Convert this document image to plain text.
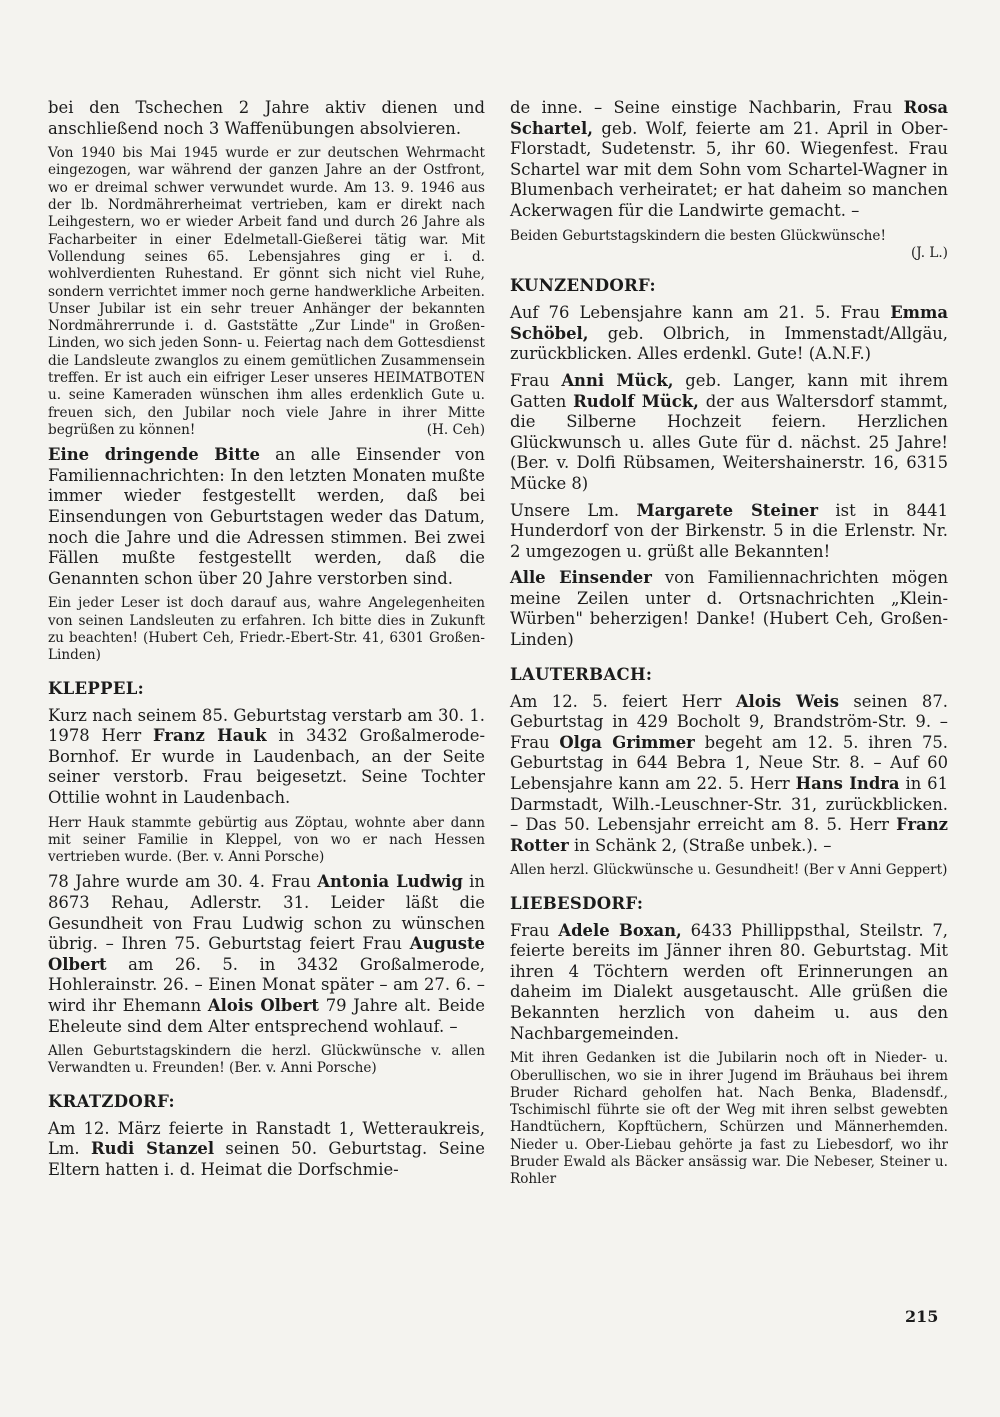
bei den Tschechen 2 Jahre aktiv dienen und anschließend noch 3 Waffenübungen absolvieren.

Von 1940 bis Mai 1945 wurde er zur deutschen Wehrmacht eingezogen, war während der ganzen Jahre an der Ostfront, wo er dreimal schwer verwundet wurde. Am 13. 9. 1946 aus der lb. Nordmährerheimat vertrieben, kam er direkt nach Leihgestern, wo er wieder Arbeit fand und durch 26 Jahre als Facharbeiter in einer Edelmetall-Gießerei tätig war. Mit Vollendung seines 65. Lebensjahres ging er i. d. wohlverdienten Ruhestand. Er gönnt sich nicht viel Ruhe, sondern verrichtet immer noch gerne handwerkliche Arbeiten. Unser Jubilar ist ein sehr treuer Anhänger der bekannten Nordmährerrunde i. d. Gaststätte „Zur Linde" in Großen-Linden, wo sich jeden Sonn- u. Feiertag nach dem Gottesdienst die Landsleute zwanglos zu einem gemütlichen Zusammensein treffen. Er ist auch ein eifriger Leser unseres HEIMATBOTEN u. seine Kameraden wünschen ihm alles erdenklich Gute u. freuen sich, den Jubilar noch viele Jahre in ihrer Mitte begrüßen zu können!	(H. Ceh)

Eine dringende Bitte an alle Einsender von Familiennachrichten: In den letzten Monaten mußte immer wieder festgestellt werden, daß bei Einsendungen von Geburtstagen weder das Datum, noch die Jahre und die Adressen stimmen. Bei zwei Fällen mußte festgestellt werden, daß die Genannten schon über 20 Jahre verstorben sind.

Ein jeder Leser ist doch darauf aus, wahre Angelegenheiten von seinen Landsleuten zu erfahren. Ich bitte dies in Zukunft zu beachten! (Hubert Ceh, Friedr.-Ebert-Str. 41, 6301 Großen-Linden)

KLEPPEL:

Kurz nach seinem 85. Geburtstag verstarb am 30. 1. 1978 Herr Franz Hauk in 3432 Großalmerode-Bornhof. Er wurde in Laudenbach, an der Seite seiner verstorb. Frau beigesetzt. Seine Tochter Ottilie wohnt in Laudenbach.

Herr Hauk stammte gebürtig aus Zöptau, wohnte aber dann mit seiner Familie in Kleppel, von wo er nach Hessen vertrieben wurde. (Ber. v. Anni Porsche)

78 Jahre wurde am 30. 4. Frau Antonia Ludwig in 8673 Rehau, Adlerstr. 31. Leider läßt die Gesundheit von Frau Ludwig schon zu wünschen übrig. – Ihren 75. Geburtstag feiert Frau Auguste Olbert am 26. 5. in 3432 Großalmerode, Hohlerainstr. 26. – Einen Monat später – am 27. 6. – wird ihr Ehemann Alois Olbert 79 Jahre alt. Beide Eheleute sind dem Alter entsprechend wohlauf. –

Allen Geburtstagskindern die herzl. Glückwünsche v. allen Verwandten u. Freunden! (Ber. v. Anni Porsche)

KRATZDORF:

Am 12. März feierte in Ranstadt 1, Wetteraukreis, Lm. Rudi Stanzel seinen 50. Geburtstag. Seine Eltern hatten i. d. Heimat die Dorfschmie-

de inne. – Seine einstige Nachbarin, Frau Rosa Schartel, geb. Wolf, feierte am 21. April in Ober-Florstadt, Sudetenstr. 5, ihr 60. Wiegenfest. Frau Schartel war mit dem Sohn vom Schartel-Wagner in Blumenbach verheiratet; er hat daheim so manchen Ackerwagen für die Landwirte gemacht. –

Beiden Geburtstagskindern die besten Glückwünsche!

(J. L.)

KUNZENDORF:

Auf 76 Lebensjahre kann am 21. 5. Frau Emma Schöbel, geb. Olbrich, in Immenstadt/Allgäu, zurückblicken. Alles erdenkl. Gute! (A.N.F.)

Frau Anni Mück, geb. Langer, kann mit ihrem Gatten Rudolf Mück, der aus Waltersdorf stammt, die Silberne Hochzeit feiern. Herzlichen Glückwunsch u. alles Gute für d. nächst. 25 Jahre! (Ber. v. Dolfi Rübsamen, Weitershainerstr. 16, 6315 Mücke 8)

Unsere Lm. Margarete Steiner ist in 8441 Hunderdorf von der Birkenstr. 5 in die Erlenstr. Nr. 2 umgezogen u. grüßt alle Bekannten!

Alle Einsender von Familiennachrichten mögen meine Zeilen unter d. Ortsnachrichten „Klein-Würben" beherzigen! Danke! (Hubert Ceh, Großen-Linden)

LAUTERBACH:

Am 12. 5. feiert Herr Alois Weis seinen 87. Geburtstag in 429 Bocholt 9, Brandström-Str. 9. – Frau Olga Grimmer begeht am 12. 5. ihren 75. Geburtstag in 644 Bebra 1, Neue Str. 8. – Auf 60 Lebensjahre kann am 22. 5. Herr Hans Indra in 61 Darmstadt, Wilh.-Leuschner-Str. 31, zurückblicken. – Das 50. Lebensjahr erreicht am 8. 5. Herr Franz Rotter in Schänk 2, (Straße unbek.). –

Allen herzl. Glückwünsche u. Gesundheit! (Ber v Anni Geppert)

LIEBESDORF:

Frau Adele Boxan, 6433 Phillippsthal, Steilstr. 7, feierte bereits im Jänner ihren 80. Geburtstag. Mit ihren 4 Töchtern werden oft Erinnerungen an daheim im Dialekt ausgetauscht. Alle grüßen die Bekannten herzlich von daheim u. aus den Nachbargemeinden.

Mit ihren Gedanken ist die Jubilarin noch oft in Nieder- u. Oberullischen, wo sie in ihrer Jugend im Bräuhaus bei ihrem Bruder Richard geholfen hat. Nach Benka, Bladensdf., Tschimischl führte sie oft der Weg mit ihren selbst gewebten Handtüchern, Kopftüchern, Schürzen und Männerhemden. Nieder u. Ober-Liebau gehörte ja fast zu Liebesdorf, wo ihr Bruder Ewald als Bäcker ansässig war. Die Nebeser, Steiner u. Rohler

215
